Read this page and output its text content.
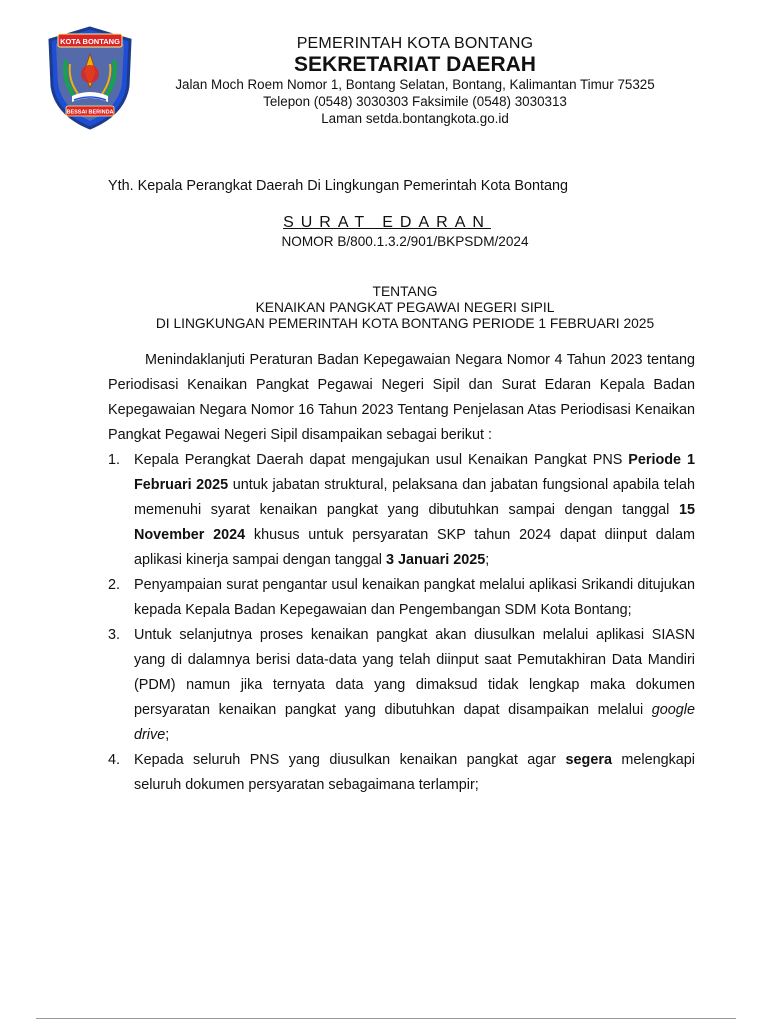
KOTA BONTANG
BESSAI BERINDA
PEMERINTAH KOTA BONTANG
SEKRETARIAT DAERAH
Jalan Moch Roem Nomor 1, Bontang Selatan, Bontang, Kalimantan Timur 75325
Telepon (0548) 3030303 Faksimile (0548) 3030313
Laman setda.bontangkota.go.id
Yth. Kepala Perangkat Daerah Di Lingkungan Pemerintah Kota Bontang
SURAT EDARAN
NOMOR B/800.1.3.2/901/BKPSDM/2024
TENTANG
KENAIKAN PANGKAT PEGAWAI NEGERI SIPIL
DI LINGKUNGAN PEMERINTAH KOTA BONTANG PERIODE 1 FEBRUARI 2025

Menindaklanjuti Peraturan Badan Kepegawaian Negara Nomor 4 Tahun 2023 tentang Periodisasi Kenaikan Pangkat Pegawai Negeri Sipil dan Surat Edaran Kepala Badan Kepegawaian Negara Nomor 16 Tahun 2023 Tentang Penjelasan Atas Periodisasi Kenaikan Pangkat Pegawai Negeri Sipil disampaikan sebagai berikut :

1. Kepala Perangkat Daerah dapat mengajukan usul Kenaikan Pangkat PNS Periode 1 Februari 2025 untuk jabatan struktural, pelaksana dan jabatan fungsional apabila telah memenuhi syarat kenaikan pangkat yang dibutuhkan sampai dengan tanggal 15 November 2024 khusus untuk persyaratan SKP tahun 2024 dapat diinput dalam aplikasi kinerja sampai dengan tanggal 3 Januari 2025;
2. Penyampaian surat pengantar usul kenaikan pangkat melalui aplikasi Srikandi ditujukan kepada Kepala Badan Kepegawaian dan Pengembangan SDM Kota Bontang;
3. Untuk selanjutnya proses kenaikan pangkat akan diusulkan melalui aplikasi SIASN yang di dalamnya berisi data-data yang telah diinput saat Pemutakhiran Data Mandiri (PDM) namun jika ternyata data yang dimaksud tidak lengkap maka dokumen persyaratan kenaikan pangkat yang dibutuhkan dapat disampaikan melalui google drive;
4. Kepada seluruh PNS yang diusulkan kenaikan pangkat agar segera melengkapi seluruh dokumen persyaratan sebagaimana terlampir;
